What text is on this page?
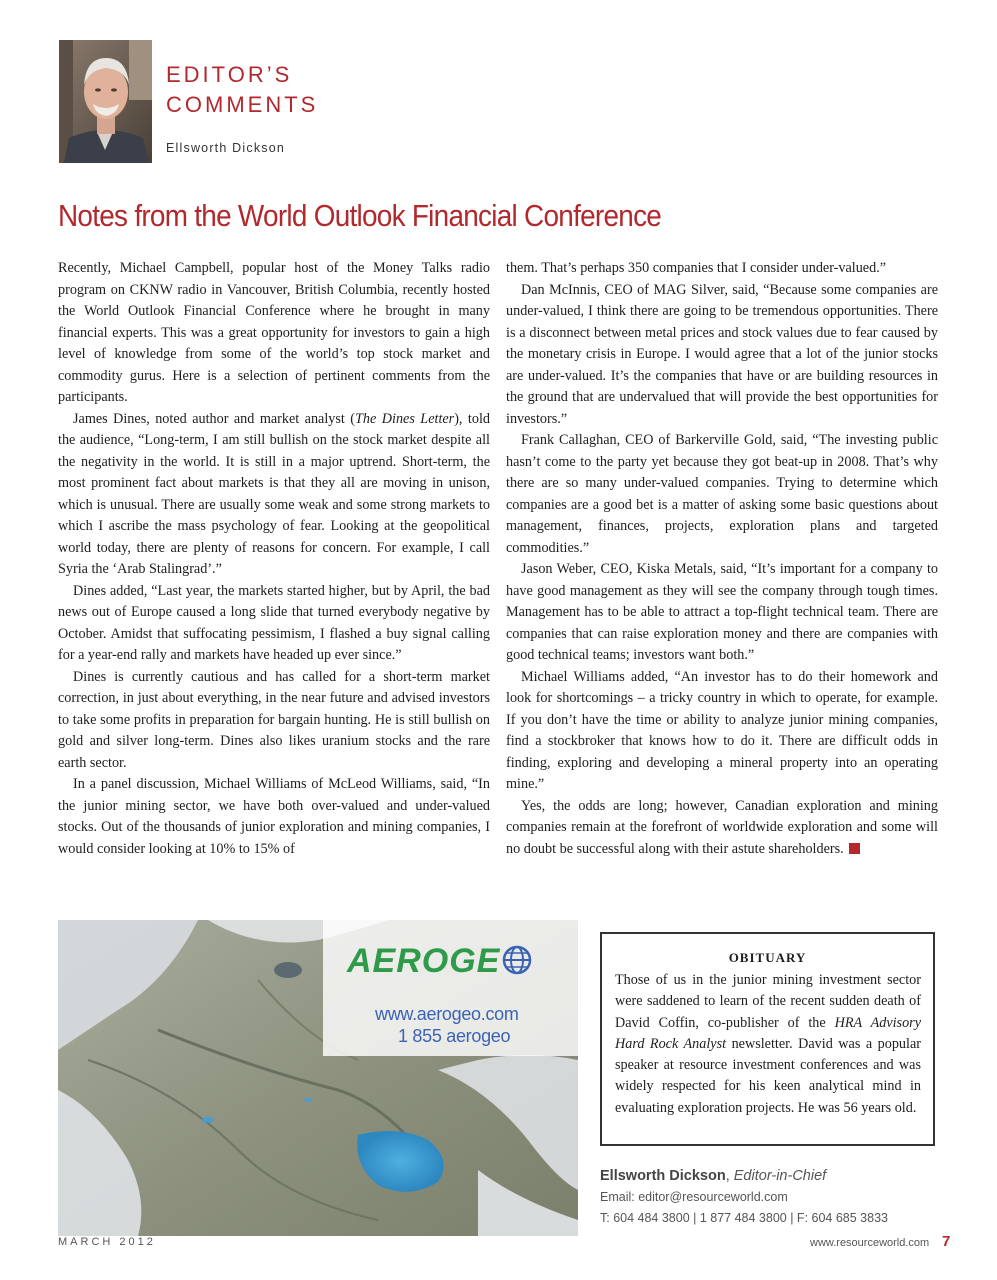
EDITOR’S
COMMENTS
Ellsworth Dickson
Notes from the World Outlook Financial Conference

Recently, Michael Campbell, popular host of the Money Talks radio program on CKNW radio in Vancouver, British Columbia, recently hosted the World Outlook Financial Conference where he brought in many financial experts. This was a great opportunity for investors to gain a high level of knowledge from some of the world’s top stock market and commodity gurus. Here is a selection of pertinent comments from the participants.

James Dines, noted author and market analyst (The Dines Letter), told the audience, “Long-term, I am still bullish on the stock market despite all the negativity in the world. It is still in a major uptrend. Short-term, the most prominent fact about markets is that they all are moving in unison, which is unusual. There are usually some weak and some strong markets to which I ascribe the mass psychology of fear. Looking at the geopolitical world today, there are plenty of reasons for concern. For example, I call Syria the ‘Arab Stalingrad’.”

Dines added, “Last year, the markets started higher, but by April, the bad news out of Europe caused a long slide that turned everybody negative by October. Amidst that suffocating pessimism, I flashed a buy signal calling for a year-end rally and markets have headed up ever since.”

Dines is currently cautious and has called for a short-term market correction, in just about everything, in the near future and advised investors to take some profits in preparation for bargain hunting. He is still bullish on gold and silver long-term. Dines also likes uranium stocks and the rare earth sector.

In a panel discussion, Michael Williams of McLeod Williams, said, “In the junior mining sector, we have both over-valued and under-valued stocks. Out of the thousands of junior exploration and mining companies, I would consider looking at 10% to 15% of

them. That’s perhaps 350 companies that I consider under-valued.”

Dan McInnis, CEO of MAG Silver, said, “Because some companies are under-valued, I think there are going to be tremendous opportunities. There is a disconnect between metal prices and stock values due to fear caused by the monetary crisis in Europe. I would agree that a lot of the junior stocks are under-valued. It’s the companies that have or are building resources in the ground that are undervalued that will provide the best opportunities for investors.”

Frank Callaghan, CEO of Barkerville Gold, said, “The investing public hasn’t come to the party yet because they got beat-up in 2008. That’s why there are so many under-valued companies. Trying to determine which companies are a good bet is a matter of asking some basic questions about management, finances, projects, exploration plans and targeted commodities.”

Jason Weber, CEO, Kiska Metals, said, “It’s important for a company to have good management as they will see the company through tough times. Management has to be able to attract a top-flight technical team. There are companies that can raise exploration money and there are companies with good technical teams; investors want both.”

Michael Williams added, “An investor has to do their homework and look for shortcomings – a tricky country in which to operate, for example. If you don’t have the time or ability to analyze junior mining companies, find a stockbroker that knows how to do it. There are difficult odds in finding, exploring and developing a mineral property into an operating mine.”

Yes, the odds are long; however, Canadian exploration and mining companies remain at the forefront of worldwide exploration and some will no doubt be successful along with their astute shareholders.

AEROGE
www.aerogeo.com
1 855 aerogeo
OBITUARY
Those of us in the junior mining investment sector were saddened to learn of the recent sudden death of David Coffin, co-publisher of the HRA Advisory Hard Rock Analyst newsletter. David was a popular speaker at resource investment conferences and was widely respected for his keen analytical mind in evaluating exploration projects. He was 56 years old.
Ellsworth Dickson, Editor-in-Chief
Email: editor@resourceworld.com
T: 604 484 3800 | 1 877 484 3800 | F: 604 685 3833
MARCH 2012	www.resourceworld.com 7
